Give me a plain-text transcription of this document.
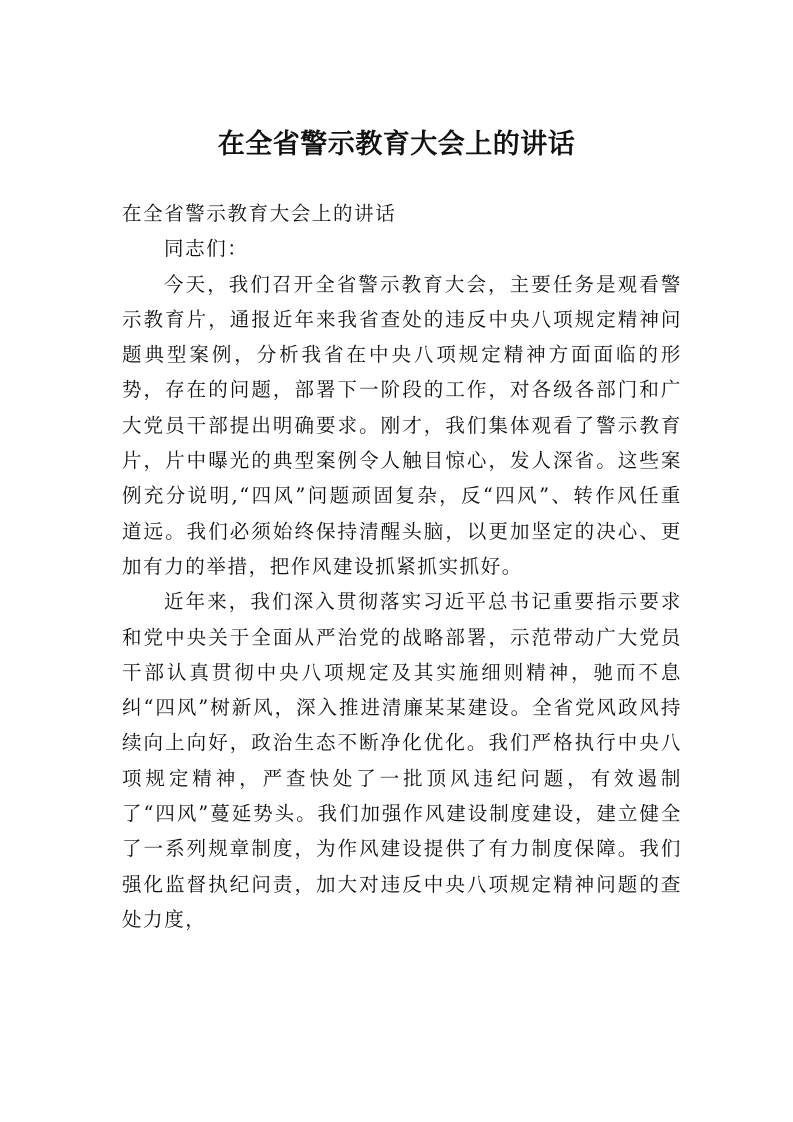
在全省警示教育大会上的讲话

在全省警示教育大会上的讲话

同志们：

今天，我们召开全省警示教育大会，主要任务是观看警示教育片，通报近年来我省查处的违反中央八项规定精神问题典型案例，分析我省在中央八项规定精神方面面临的形势，存在的问题，部署下一阶段的工作，对各级各部门和广大党员干部提出明确要求。刚才，我们集体观看了警示教育片，片中曝光的典型案例令人触目惊心，发人深省。这些案例充分说明,“四风”问题顽固复杂，反“四风”、转作风任重道远。我们必须始终保持清醒头脑，以更加坚定的决心、更加有力的举措，把作风建设抓紧抓实抓好。

近年来，我们深入贯彻落实习近平总书记重要指示要求和党中央关于全面从严治党的战略部署，示范带动广大党员干部认真贯彻中央八项规定及其实施细则精神，驰而不息纠“四风”树新风，深入推进清廉某某建设。全省党风政风持续向上向好，政治生态不断净化优化。我们严格执行中央八项规定精神，严查快处了一批顶风违纪问题，有效遏制了“四风”蔓延势头。我们加强作风建设制度建设，建立健全了一系列规章制度，为作风建设提供了有力制度保障。我们强化监督执纪问责，加大对违反中央八项规定精神问题的查处力度，
